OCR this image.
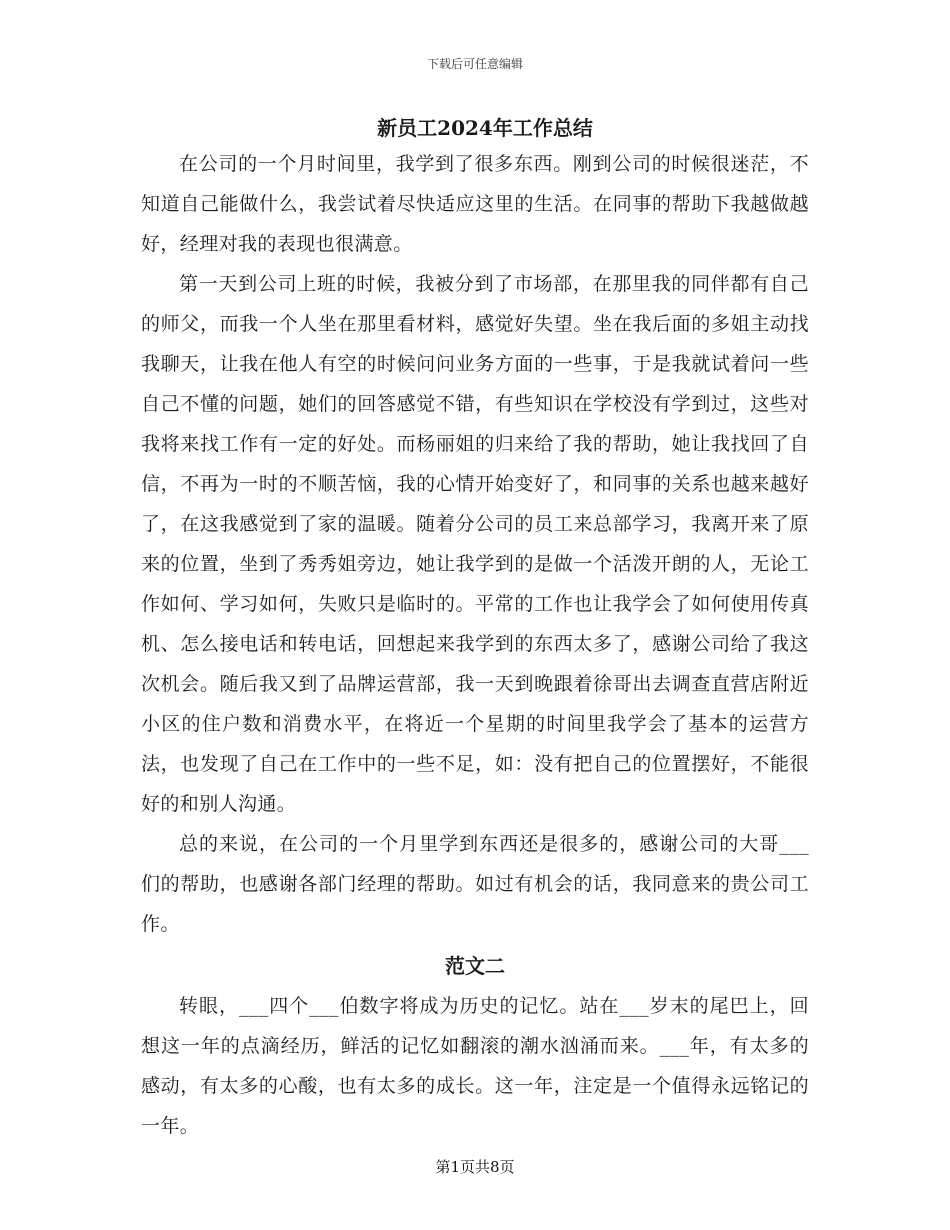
下载后可任意编辑
新员工2024年工作总结

在公司的一个月时间里，我学到了很多东西。刚到公司的时候很迷茫，不知道自己能做什么，我尝试着尽快适应这里的生活。在同事的帮助下我越做越好，经理对我的表现也很满意。

第一天到公司上班的时候，我被分到了市场部，在那里我的同伴都有自己的师父，而我一个人坐在那里看材料，感觉好失望。坐在我后面的多姐主动找我聊天，让我在他人有空的时候问问业务方面的一些事，于是我就试着问一些自己不懂的问题，她们的回答感觉不错，有些知识在学校没有学到过，这些对我将来找工作有一定的好处。而杨丽姐的归来给了我的帮助，她让我找回了自信，不再为一时的不顺苦恼，我的心情开始变好了，和同事的关系也越来越好了，在这我感觉到了家的温暖。随着分公司的员工来总部学习，我离开来了原来的位置，坐到了秀秀姐旁边，她让我学到的是做一个活泼开朗的人，无论工作如何、学习如何，失败只是临时的。平常的工作也让我学会了如何使用传真机、怎么接电话和转电话，回想起来我学到的东西太多了，感谢公司给了我这次机会。随后我又到了品牌运营部，我一天到晚跟着徐哥出去调查直营店附近小区的住户数和消费水平，在将近一个星期的时间里我学会了基本的运营方法，也发现了自己在工作中的一些不足，如：没有把自己的位置摆好，不能很好的和别人沟通。

总的来说，在公司的一个月里学到东西还是很多的，感谢公司的大哥___们的帮助，也感谢各部门经理的帮助。如过有机会的话，我同意来的贵公司工作。

范文二

转眼，___四个___伯数字将成为历史的记忆。站在___岁末的尾巴上，回想这一年的点滴经历，鲜活的记忆如翻滚的潮水汹涌而来。___年，有太多的感动，有太多的心酸，也有太多的成长。这一年，注定是一个值得永远铭记的一年。

第1页共8页
